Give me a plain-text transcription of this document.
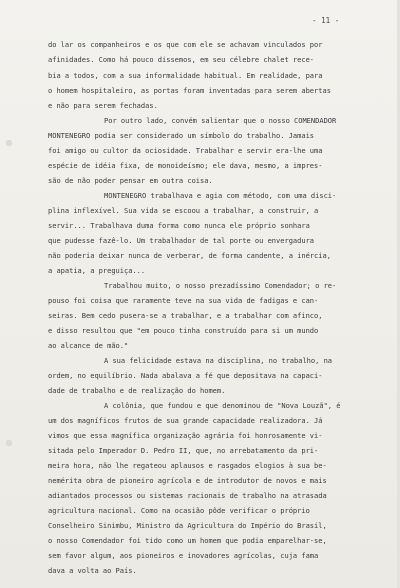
- 11 -
do lar os companheiros e os que com ele se achavam vinculados por
afinidades. Como há pouco dissemos, em seu célebre chalet rece-
bia a todos, com a sua informalidade habitual. Em realidade, para
o homem hospitaleiro, as portas foram inventadas para serem abertas
e não para serem fechadas.
Por outro lado, convém salientar que o nosso COMENDADOR
MONTENEGRO podia ser considerado um símbolo do trabalho. Jamais
foi amigo ou cultor da ociosidade. Trabalhar e servir era-lhe uma
espécie de idéia fixa, de monoideísmo; ele dava, mesmo, a impres-
são de não poder pensar em outra coisa.
MONTENEGRO trabalhava e agia com método, com uma disci-
plina inflexível. Sua vida se escoou a trabalhar, a construir, a
servir... Trabalhava duma forma como nunca ele próprio sonhara
que pudesse fazê-lo. Um trabalhador de tal porte ou envergadura
não poderia deixar nunca de verberar, de forma candente, a inércia,
a apatia, a preguiça...
Trabalhou muito, o nosso prezadíssimo Comendador; o re-
pouso foi coisa que raramente teve na sua vida de fadigas e can-
seiras. Bem cedo pusera-se a trabalhar, e a trabalhar com afinco,
e disso resultou que "em pouco tinha construído para si um mundo
ao alcance de mão."
A sua felicidade estava na disciplina, no trabalho, na
ordem, no equilíbrio. Nada abalava a fé que depositava na capaci-
dade de trabalho e de realização do homem.
A colônia, que fundou e que denominou de "Nova Louzã", é
um dos magníficos frutos de sua grande capacidade realizadora. Já
vimos que essa magnífica organização agrária foi honrosamente vi-
sitada pelo Imperador D. Pedro II, que, no arrebatamento da pri-
meira hora, não lhe regateou aplausos e rasgados elogios à sua be-
nemérita obra de pioneiro agrícola e de introdutor de novos e mais
adiantados processos ou sistemas racionais de trabalho na atrasada
agricultura nacional. Como na ocasião pôde verificar o próprio
Conselheiro Sinimbu, Ministro da Agricultura do Império do Brasil,
o nosso Comendador foi tido como um homem que podia emparelhar-se,
sem favor algum, aos pioneiros e inovadores agrícolas, cuja fama
dava a volta ao País.
